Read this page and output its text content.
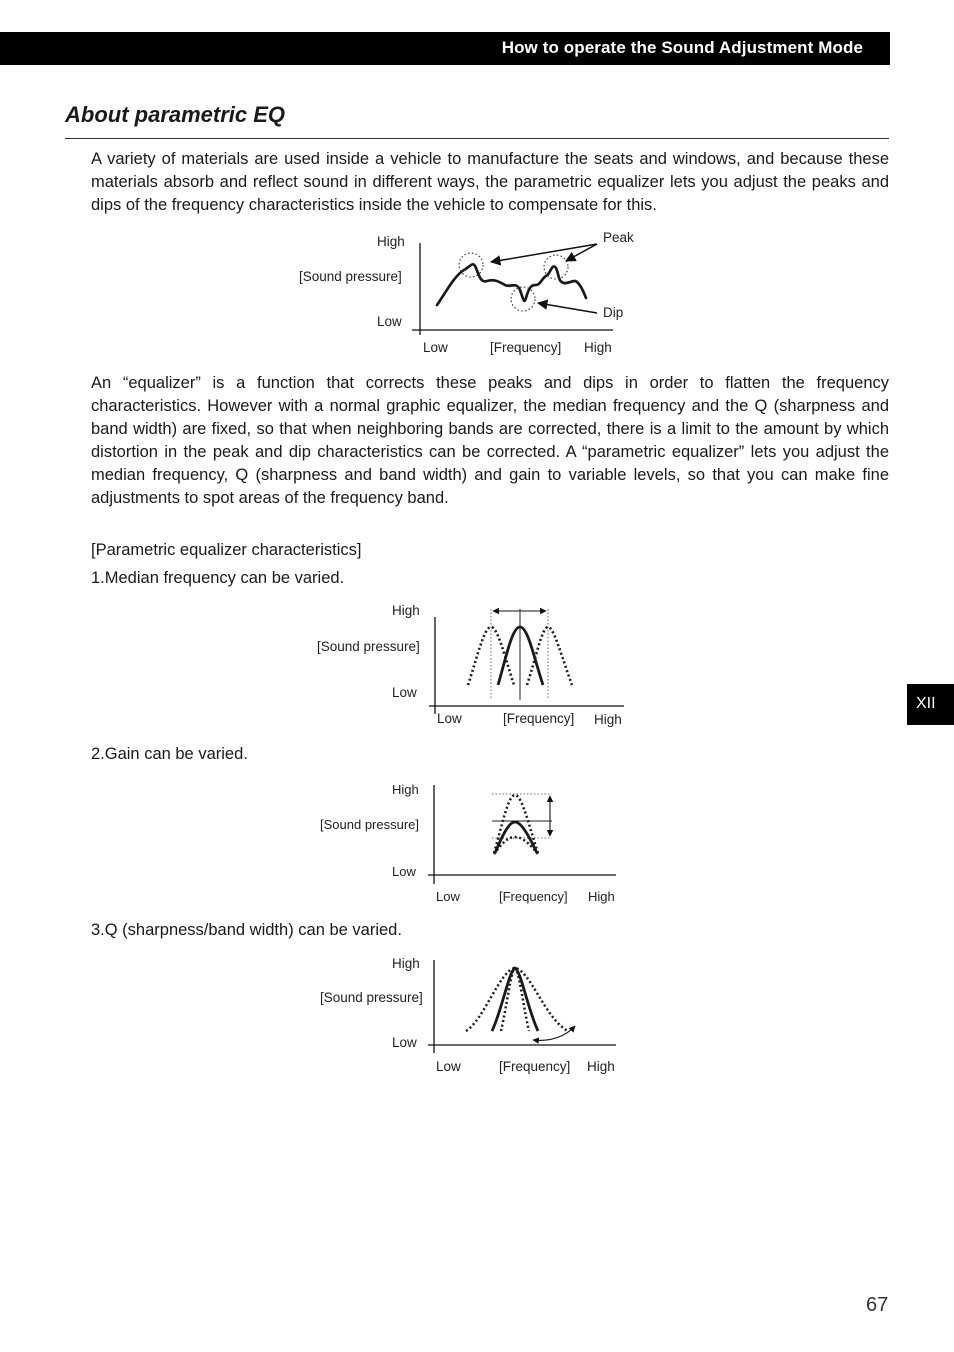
How to operate the Sound Adjustment Mode
About parametric EQ

A variety of materials are used inside a vehicle to manufacture the seats and windows, and because these materials absorb and reflect sound in different ways, the parametric equalizer lets you adjust the peaks and dips of the frequency characteristics inside the vehicle to compensate for this.

High
[Sound pressure]
Low
Low	[Frequency] High
Peak
Dip

An “equalizer” is a function that corrects these peaks and dips in order to flatten the frequency characteristics. However with a normal graphic equalizer, the median frequency and the Q (sharpness and band width) are fixed, so that when neighboring bands are corrected, there is a limit to the amount by which distortion in the peak and dip characteristics can be corrected. A “parametric equalizer” lets you adjust the median frequency, Q (sharpness and band width) and gain to variable levels, so that you can make fine adjustments to spot areas of the frequency band.

[Parametric equalizer characteristics]

1.Median frequency can be varied.

High
[Sound pressure]
Low
Low	[Frequency] High

2.Gain can be varied.

High
[Sound pressure]
Low
Low	[Frequency] High

3.Q (sharpness/band width) can be varied.

High
[Sound pressure]
Low
Low	[Frequency] High
XII
67
